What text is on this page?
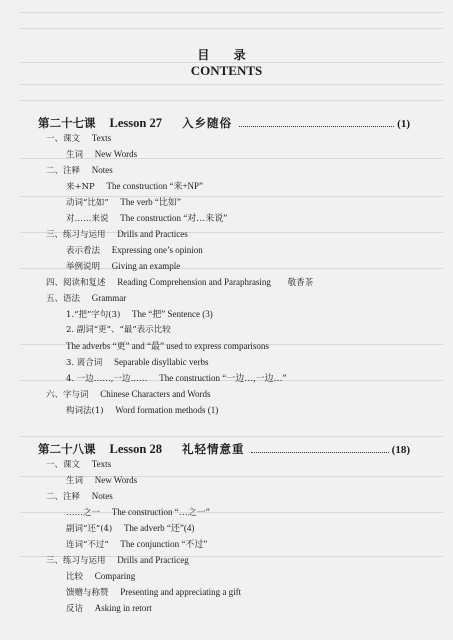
目 录
CONTENTS
第二十七课 Lesson 27 入乡随俗	(1)
一、课文 Texts
生词 New Words
二、注释 Notes
来+NP The construction “来+NP”
动词“比如” The verb “比如”
对……来说 The construction “对…来说”
三、练习与运用 Drills and Practices
表示看法 Expressing one’s opinion
举例说明 Giving an example
四、阅读和复述 Reading Comprehension and Paraphrasing 敬香茶
五、语法 Grammar
1.“把”字句(3) The “把” Sentence (3)
2. 副词“更”、“最”表示比较
The adverbs “更” and “最” used to express comparisons
3. 离合词 Separable disyllabic verbs
4. 一边……,一边…… The construction “一边…,一边…”
六、字与词 Chinese Characters and Words
构词法(1) Word formation methods (1)
第二十八课 Lesson 28 礼轻情意重	(18)
一、课文 Texts
生词 New Words
二、注释 Notes
……之一 The construction “…之一”
副词“还”(4) The adverb “还”(4)
连词“不过” The conjunction “不过”
三、练习与运用 Drills and Practiceg
比较 Comparing
馈赠与称赞 Presenting and appreciating a gift
反诘 Asking in retort
